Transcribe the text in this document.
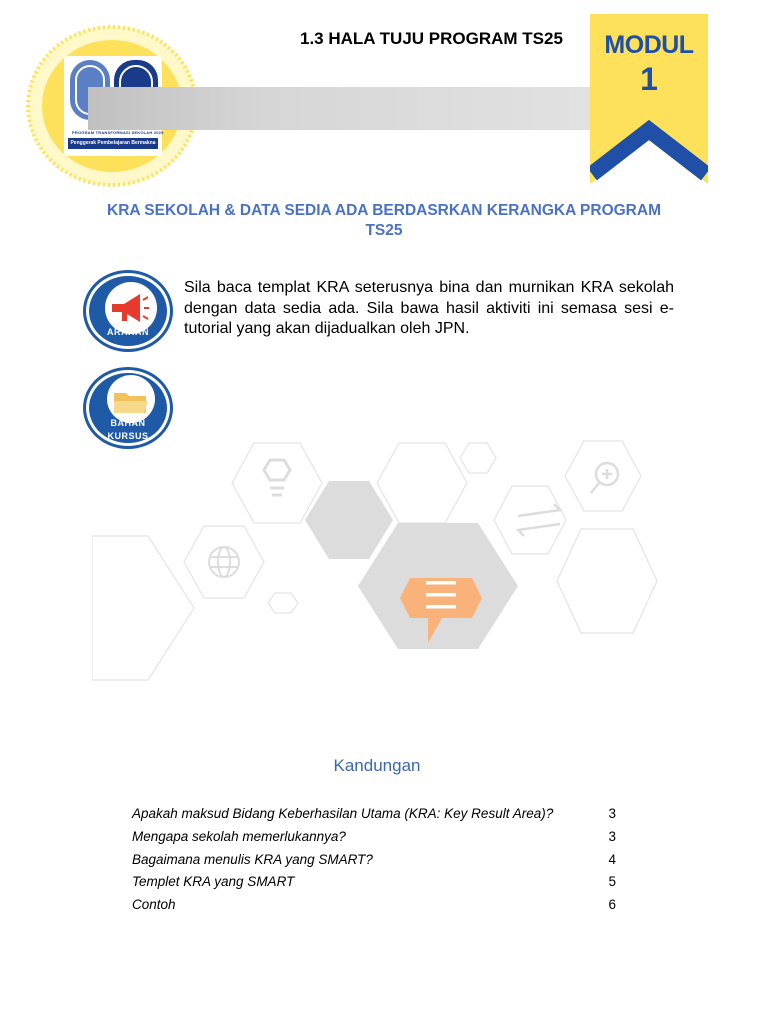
PROGRAM TRANSFORMASI SEKOLAH 2025
Penggerak Pembelajaran Bermakna
1.3 HALA TUJU PROGRAM TS25	MODUL
1
KRA SEKOLAH & DATA SEDIA ADA BERDASRKAN KERANGKA PROGRAM TS25
ARAHAN
BAHAN
KURSUS
Sila baca templat KRA seterusnya bina dan murnikan KRA sekolah dengan data sedia ada. Sila bawa hasil aktiviti ini semasa sesi e-tutorial yang akan dijadualkan oleh JPN.
Kandungan
Apakah maksud Bidang Keberhasilan Utama (KRA: Key Result Area)?	3
Mengapa sekolah memerlukannya?	3
Bagaimana menulis KRA yang SMART?	4
Templet KRA yang SMART	5
Contoh	6
